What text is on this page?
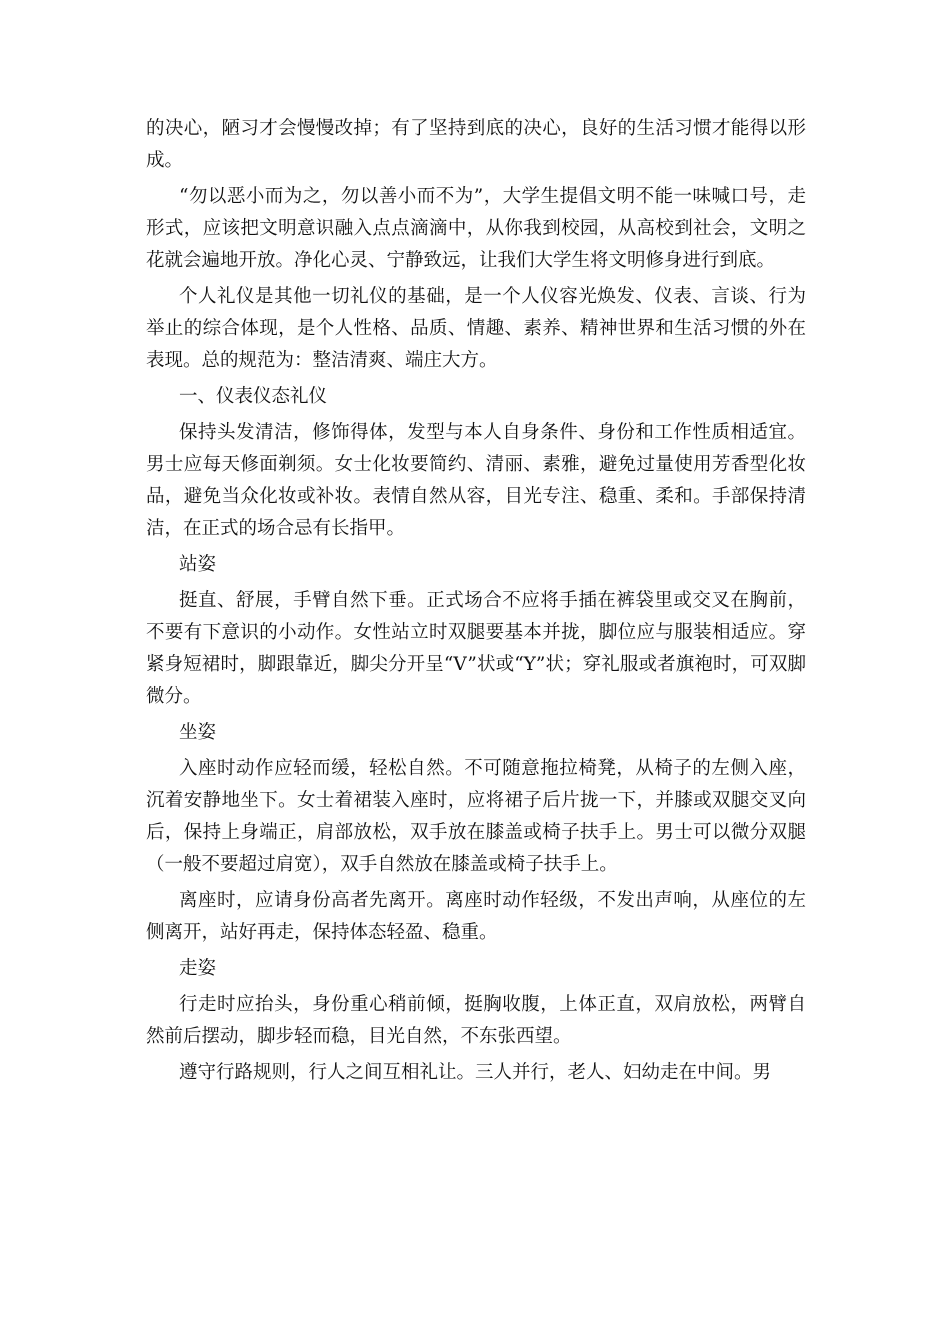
的决心，陋习才会慢慢改掉；有了坚持到底的决心，良好的生活习惯才能得以形成。

“勿以恶小而为之，勿以善小而不为”，大学生提倡文明不能一味喊口号，走形式，应该把文明意识融入点点滴滴中，从你我到校园，从高校到社会，文明之花就会遍地开放。净化心灵、宁静致远，让我们大学生将文明修身进行到底。

个人礼仪是其他一切礼仪的基础，是一个人仪容光焕发、仪表、言谈、行为举止的综合体现，是个人性格、品质、情趣、素养、精神世界和生活习惯的外在表现。总的规范为：整洁清爽、端庄大方。

一、仪表仪态礼仪

保持头发清洁，修饰得体，发型与本人自身条件、身份和工作性质相适宜。男士应每天修面剃须。女士化妆要简约、清丽、素雅，避免过量使用芳香型化妆品，避免当众化妆或补妆。表情自然从容，目光专注、稳重、柔和。手部保持清洁，在正式的场合忌有长指甲。

站姿

挺直、舒展，手臂自然下垂。正式场合不应将手插在裤袋里或交叉在胸前，不要有下意识的小动作。女性站立时双腿要基本并拢，脚位应与服装相适应。穿紧身短裙时，脚跟靠近，脚尖分开呈“V”状或“Y”状；穿礼服或者旗袍时，可双脚微分。

坐姿

入座时动作应轻而缓，轻松自然。不可随意拖拉椅凳，从椅子的左侧入座，沉着安静地坐下。女士着裙装入座时，应将裙子后片拢一下，并膝或双腿交叉向后，保持上身端正，肩部放松，双手放在膝盖或椅子扶手上。男士可以微分双腿（一般不要超过肩宽），双手自然放在膝盖或椅子扶手上。

离座时，应请身份高者先离开。离座时动作轻级，不发出声响，从座位的左侧离开，站好再走，保持体态轻盈、稳重。

走姿

行走时应抬头，身份重心稍前倾，挺胸收腹，上体正直，双肩放松，两臂自然前后摆动，脚步轻而稳，目光自然，不东张西望。

遵守行路规则，行人之间互相礼让。三人并行，老人、妇幼走在中间。男
